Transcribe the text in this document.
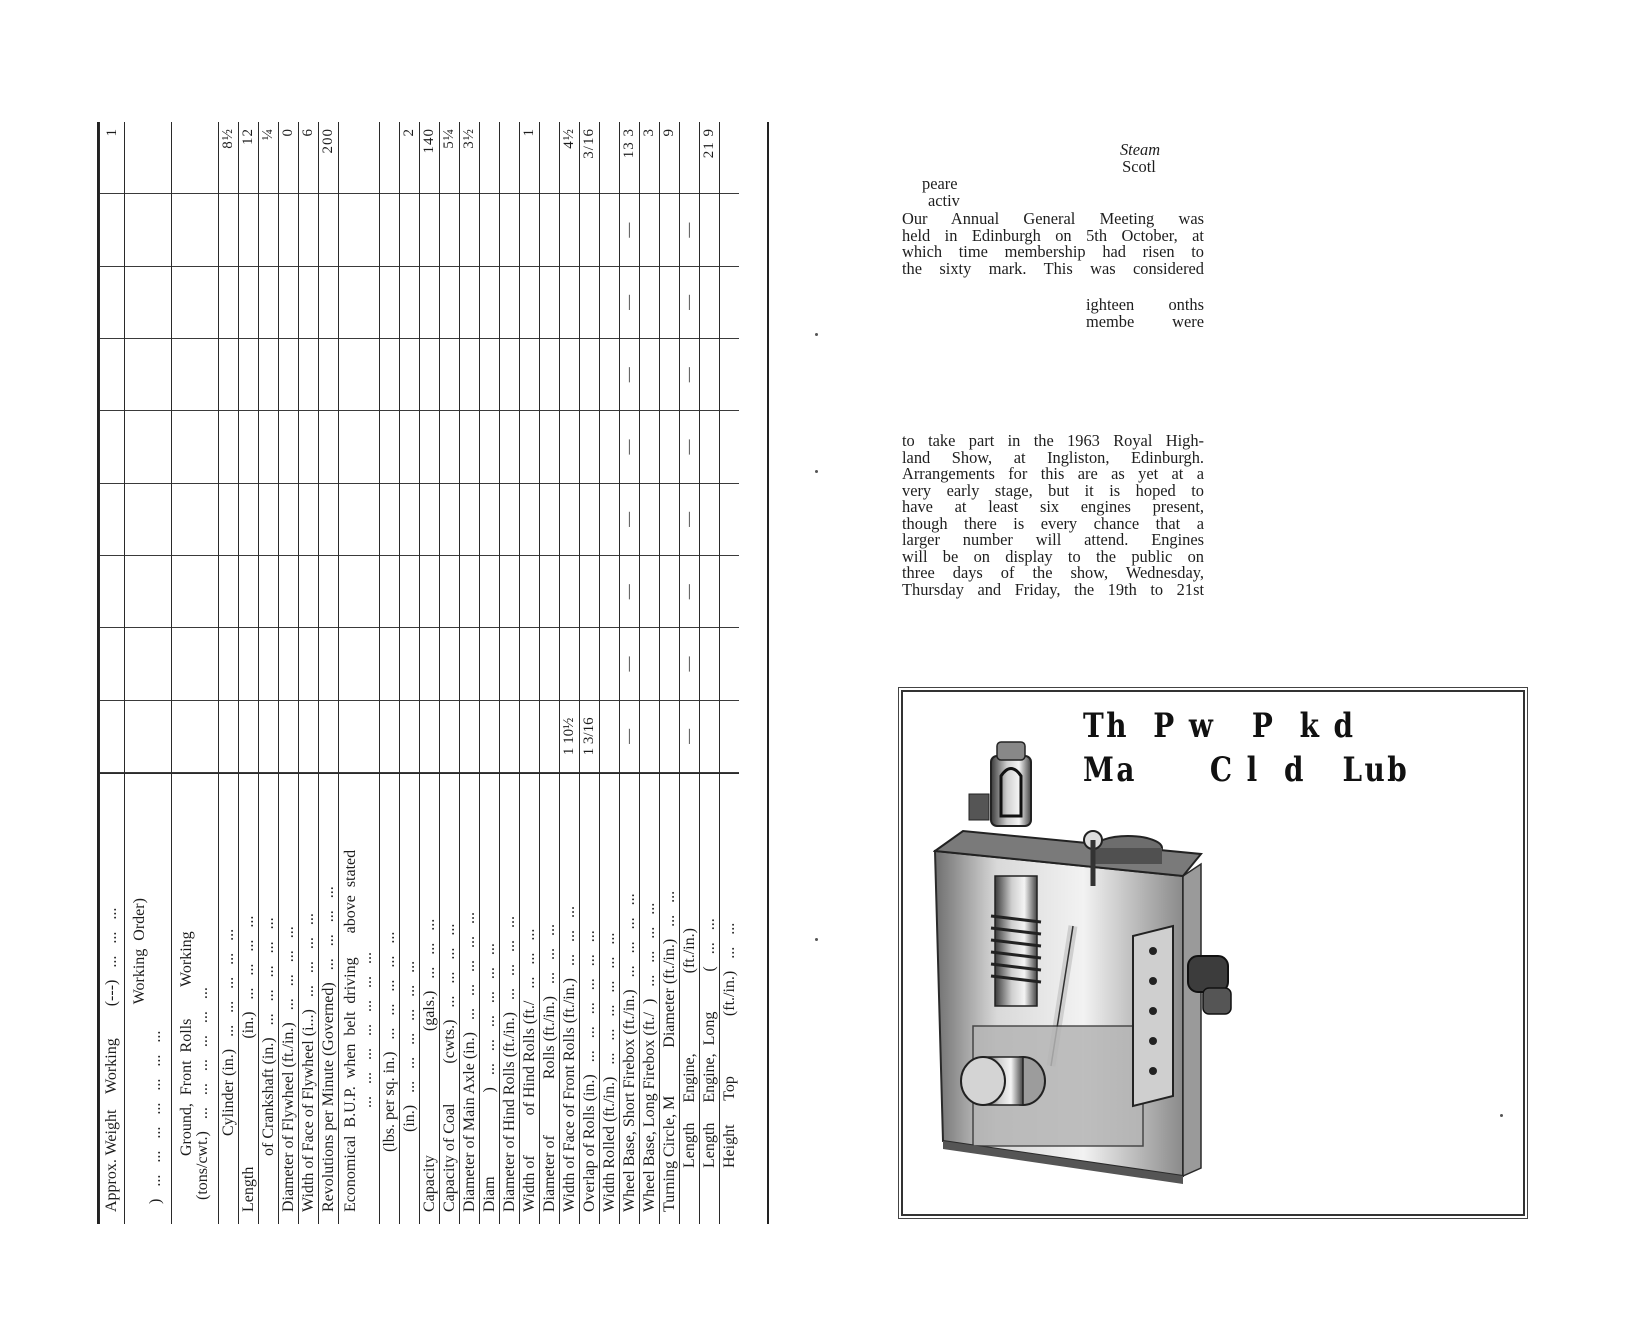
Approx. Weight    Working        (---)   ...   ...   ...
1
Working  Order) )   ...   ...   ...   ...   ...   ...   ... Ground,  Front  Rolls        Working (tons/cwt.)   ...   ...   ...   ...   ...   ... Cylinder (in.)   ...   ...   ...   ...   ...
8½
Length                                (in.)   ...   ...   ...   ...
12
of Crankshaft (in.)   ...   ...   ...   ...   ...
¼
Diameter of Flywheel (ft./in.)   ...   ...   ...   ...
0
Width of Face of Flywheel (i...)   ...   ...   ...   ...
6
Revolutions per Minute (Governed)   ...   ...   ...   ...
200
Economical  B.U.P.  when  belt  driving      above  stated ...   ...   ...   ...   ...   ...   ... (lbs. per sq. in.)   ...   ...   ...   ...   ... (in.)   ...   ...   ...   ...   ...   ...
2
Capacity                               (gals.)   ...   ...   ...
140
Capacity of Coal          (cwts.)   ...   ...   ...   ...
5¼
Diameter of Main Axle (in.)   ...   ...   ...   ...   ...
3½
Diam                     )   ...   ...   ...   ...   ...   ... Diameter of Hind Rolls (ft./in.)   ...   ...   ...   ... Width of          of Hind Rolls (ft./   ...   ...   ...
1
Diameter of              Rolls (ft./in.)   ...   ...   ... Width of Face of Front Rolls (ft./in.)   ...   ...   ...
1 10½
4½
Overlap of Rolls (in.)   ...   ...   ...   ...   ...   ...
1 3/16
3/16
Width Rolled (ft./in.)   ...   ...   ...   ...   ...   ... Wheel Base, Short Firebox (ft./in.)   ...   ...   ...   ...
—
—
—
—
—
—
—
—
13 3
Wheel Base, Long Firebox (ft./  )   ...   ...   ...   ...
3
Turning Circle, M            Diameter (ft./in.)   ...   ...
9
Length     Engine,                    (ft./in.)
—
—
—
—
—
—
—
—
Length     Engine,  Long          (   ...   ...
21 9
Height      Top               (ft./in.)   ...   ...
Steam
Scotl
peare
activ
Our Annual General Meeting was
held in Edinburgh on 5th October, at
which time membership had risen to
the sixty mark. This was considered
ighteen onths
membe were
to take part in the 1963 Royal High-
land Show, at Ingliston, Edinburgh.
Arrangements for this are as yet at a
very early stage, but it is hoped to
have at least six engines present,
though there is every chance that a
larger number will attend. Engines
will be on display to the public on
three days of the show, Wednesday,
Thursday and Friday, the 19th to 21st
Th  P w   P  k d
Ma      C l  d   Lub
